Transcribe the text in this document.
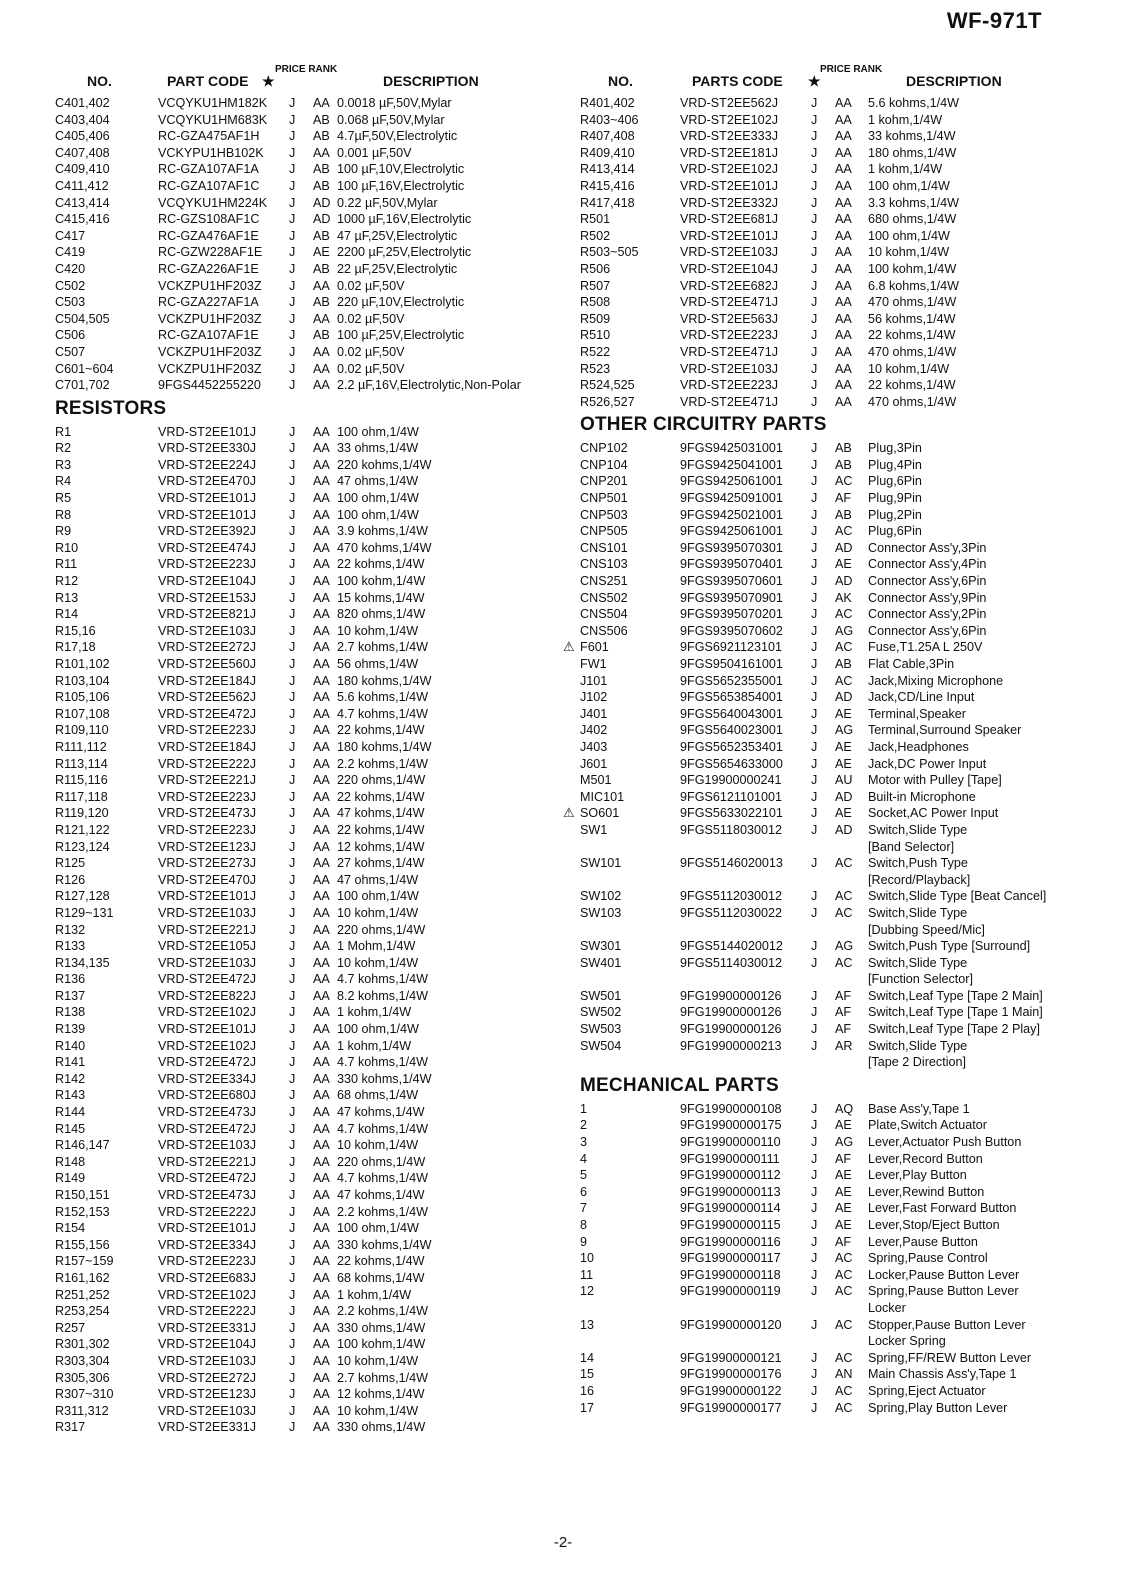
WF-971T
NO.	PART CODE ★
PRICE RANK
DESCRIPTION
C401,402	VCQYKU1HM182K J AA 0.0018 µF,50V,Mylar
C403,404	VCQYKU1HM683K J AB 0.068 µF,50V,Mylar
C405,406	RC-GZA475AF1H J AB 4.7µF,50V,Electrolytic
C407,408	VCKYPU1HB102K J AA 0.001 µF,50V
C409,410	RC-GZA107AF1A J AB 100 µF,10V,Electrolytic
C411,412	RC-GZA107AF1C J AB 100 µF,16V,Electrolytic
C413,414	VCQYKU1HM224K J AD 0.22 µF,50V,Mylar
C415,416	RC-GZS108AF1C J AD 1000 µF,16V,Electrolytic
C417	RC-GZA476AF1E J AB 47 µF,25V,Electrolytic
C419	RC-GZW228AF1E J AE 2200 µF,25V,Electrolytic
C420	RC-GZA226AF1E J AB 22 µF,25V,Electrolytic
C502	VCKZPU1HF203Z J AA 0.02 µF,50V
C503	RC-GZA227AF1A J AB 220 µF,10V,Electrolytic
C504,505	VCKZPU1HF203Z J AA 0.02 µF,50V
C506	RC-GZA107AF1E J AB 100 µF,25V,Electrolytic
C507	VCKZPU1HF203Z J AA 0.02 µF,50V
C601~604	VCKZPU1HF203Z J AA 0.02 µF,50V
C701,702	9FGS4452255220 J AA 2.2 µF,16V,Electrolytic,Non-Polar
RESISTORS
R1	VRD-ST2EE101J	J AA 100 ohm,1/4W
R2	VRD-ST2EE330J	J AA 33 ohms,1/4W
R3	VRD-ST2EE224J	J AA 220 kohms,1/4W
R4	VRD-ST2EE470J	J AA 47 ohms,1/4W
R5	VRD-ST2EE101J	J AA 100 ohm,1/4W
R8	VRD-ST2EE101J	J AA 100 ohm,1/4W
R9	VRD-ST2EE392J	J AA 3.9 kohms,1/4W
R10	VRD-ST2EE474J	J AA 470 kohms,1/4W
R11	VRD-ST2EE223J	J AA 22 kohms,1/4W
R12	VRD-ST2EE104J	J AA 100 kohm,1/4W
R13	VRD-ST2EE153J	J AA 15 kohms,1/4W
R14	VRD-ST2EE821J	J AA 820 ohms,1/4W
R15,16	VRD-ST2EE103J	J AA 10 kohm,1/4W
R17,18	VRD-ST2EE272J	J AA 2.7 kohms,1/4W
R101,102	VRD-ST2EE560J	J AA 56 ohms,1/4W
R103,104	VRD-ST2EE184J	J AA 180 kohms,1/4W
R105,106	VRD-ST2EE562J	J AA 5.6 kohms,1/4W
R107,108	VRD-ST2EE472J	J AA 4.7 kohms,1/4W
R109,110	VRD-ST2EE223J	J AA 22 kohms,1/4W
R111,112	VRD-ST2EE184J	J AA 180 kohms,1/4W
R113,114	VRD-ST2EE222J	J AA 2.2 kohms,1/4W
R115,116	VRD-ST2EE221J	J AA 220 ohms,1/4W
R117,118	VRD-ST2EE223J	J AA 22 kohms,1/4W
R119,120	VRD-ST2EE473J	J AA 47 kohms,1/4W
R121,122	VRD-ST2EE223J	J AA 22 kohms,1/4W
R123,124	VRD-ST2EE123J	J AA 12 kohms,1/4W
R125	VRD-ST2EE273J	J AA 27 kohms,1/4W
R126	VRD-ST2EE470J	J AA 47 ohms,1/4W
R127,128	VRD-ST2EE101J	J AA 100 ohm,1/4W
R129~131	VRD-ST2EE103J	J AA 10 kohm,1/4W
R132	VRD-ST2EE221J	J AA 220 ohms,1/4W
R133	VRD-ST2EE105J	J AA 1 Mohm,1/4W
R134,135	VRD-ST2EE103J	J AA 10 kohm,1/4W
R136	VRD-ST2EE472J	J AA 4.7 kohms,1/4W
R137	VRD-ST2EE822J	J AA 8.2 kohms,1/4W
R138	VRD-ST2EE102J	J AA 1 kohm,1/4W
R139	VRD-ST2EE101J	J AA 100 ohm,1/4W
R140	VRD-ST2EE102J	J AA 1 kohm,1/4W
R141	VRD-ST2EE472J	J AA 4.7 kohms,1/4W
R142	VRD-ST2EE334J	J AA 330 kohms,1/4W
R143	VRD-ST2EE680J	J AA 68 ohms,1/4W
R144	VRD-ST2EE473J	J AA 47 kohms,1/4W
R145	VRD-ST2EE472J	J AA 4.7 kohms,1/4W
R146,147	VRD-ST2EE103J	J AA 10 kohm,1/4W
R148	VRD-ST2EE221J	J AA 220 ohms,1/4W
R149	VRD-ST2EE472J	J AA 4.7 kohms,1/4W
R150,151	VRD-ST2EE473J	J AA 47 kohms,1/4W
R152,153	VRD-ST2EE222J	J AA 2.2 kohms,1/4W
R154	VRD-ST2EE101J	J AA 100 ohm,1/4W
R155,156	VRD-ST2EE334J	J AA 330 kohms,1/4W
R157~159	VRD-ST2EE223J	J AA 22 kohms,1/4W
R161,162	VRD-ST2EE683J	J AA 68 kohms,1/4W
R251,252	VRD-ST2EE102J	J AA 1 kohm,1/4W
R253,254	VRD-ST2EE222J	J AA 2.2 kohms,1/4W
R257	VRD-ST2EE331J	J AA 330 ohms,1/4W
R301,302	VRD-ST2EE104J	J AA 100 kohm,1/4W
R303,304	VRD-ST2EE103J	J AA 10 kohm,1/4W
R305,306	VRD-ST2EE272J	J AA 2.7 kohms,1/4W
R307~310	VRD-ST2EE123J	J AA 12 kohms,1/4W
R311,312	VRD-ST2EE103J	J AA 10 kohm,1/4W
R317	VRD-ST2EE331J	J AA 330 ohms,1/4W
NO.	PARTS CODE ★
PRICE RANK
DESCRIPTION
R401,402	VRD-ST2EE562J	J AA 5.6 kohms,1/4W
R403~406	VRD-ST2EE102J	J AA 1 kohm,1/4W
R407,408	VRD-ST2EE333J	J AA 33 kohms,1/4W
R409,410	VRD-ST2EE181J	J AA 180 ohms,1/4W
R413,414	VRD-ST2EE102J	J AA 1 kohm,1/4W
R415,416	VRD-ST2EE101J	J AA 100 ohm,1/4W
R417,418	VRD-ST2EE332J	J AA 3.3 kohms,1/4W
R501	VRD-ST2EE681J	J AA 680 ohms,1/4W
R502	VRD-ST2EE101J	J AA 100 ohm,1/4W
R503~505	VRD-ST2EE103J	J AA 10 kohm,1/4W
R506	VRD-ST2EE104J	J AA 100 kohm,1/4W
R507	VRD-ST2EE682J	J AA 6.8 kohms,1/4W
R508	VRD-ST2EE471J	J AA 470 ohms,1/4W
R509	VRD-ST2EE563J	J AA 56 kohms,1/4W
R510	VRD-ST2EE223J	J AA 22 kohms,1/4W
R522	VRD-ST2EE471J	J AA 470 ohms,1/4W
R523	VRD-ST2EE103J	J AA 10 kohm,1/4W
R524,525	VRD-ST2EE223J	J AA 22 kohms,1/4W
R526,527	VRD-ST2EE471J	J AA 470 ohms,1/4W
OTHER CIRCUITRY PARTS
CNP102	9FGS9425031001 J AB Plug,3Pin
CNP104	9FGS9425041001 J AB Plug,4Pin
CNP201	9FGS9425061001 J AC Plug,6Pin
CNP501	9FGS9425091001 J AF Plug,9Pin
CNP503	9FGS9425021001 J AB Plug,2Pin
CNP505	9FGS9425061001 J AC Plug,6Pin
CNS101	9FGS9395070301 J AD Connector Ass'y,3Pin
CNS103	9FGS9395070401 J AE Connector Ass'y,4Pin
CNS251	9FGS9395070601 J AD Connector Ass'y,6Pin
CNS502	9FGS9395070901 J AK Connector Ass'y,9Pin
CNS504	9FGS9395070201 J AC Connector Ass'y,2Pin
CNS506	9FGS9395070602 J AG Connector Ass'y,6Pin
⚠ F601	9FGS6921123101 J AC Fuse,T1.25A L 250V
FW1	9FGS9504161001 J AB Flat Cable,3Pin
J101	9FGS5652355001 J AC Jack,Mixing Microphone
J102	9FGS5653854001 J AD Jack,CD/Line Input
J401	9FGS5640043001 J AE Terminal,Speaker
J402	9FGS5640023001 J AG Terminal,Surround Speaker
J403	9FGS5652353401 J AE Jack,Headphones
J601	9FGS5654633000 J AE Jack,DC Power Input
M501	9FG19900000241 J AU Motor with Pulley [Tape]
MIC101	9FGS6121101001 J AD Built-in Microphone
⚠ SO601	9FGS5633022101 J AE Socket,AC Power Input
SW1	9FGS5118030012 J AD Switch,Slide Type
[Band Selector]
SW101	9FGS5146020013 J AC Switch,Push Type
[Record/Playback]
SW102	9FGS5112030012 J AC Switch,Slide Type [Beat Cancel]
SW103	9FGS5112030022 J AC Switch,Slide Type
[Dubbing Speed/Mic]
SW301	9FGS5144020012 J AG Switch,Push Type [Surround]
SW401	9FGS5114030012 J AC Switch,Slide Type
[Function Selector]
SW501	9FG19900000126 J AF Switch,Leaf Type [Tape 2 Main]
SW502	9FG19900000126 J AF Switch,Leaf Type [Tape 1 Main]
SW503	9FG19900000126 J AF Switch,Leaf Type [Tape 2 Play]
SW504	9FG19900000213 J AR Switch,Slide Type
[Tape 2 Direction]
MECHANICAL PARTS
1	9FG19900000108 J AQ Base Ass'y,Tape 1
2	9FG19900000175 J AE Plate,Switch Actuator
3	9FG19900000110 J AG Lever,Actuator Push Button
4	9FG19900000111 J AF Lever,Record Button
5	9FG19900000112 J AE Lever,Play Button
6	9FG19900000113 J AE Lever,Rewind Button
7	9FG19900000114 J AE Lever,Fast Forward Button
8	9FG19900000115 J AE Lever,Stop/Eject Button
9	9FG19900000116 J AF Lever,Pause Button
10	9FG19900000117 J AC Spring,Pause Control
11	9FG19900000118 J AC Locker,Pause Button Lever
12	9FG19900000119 J AC Spring,Pause Button Lever
Locker
13	9FG19900000120 J AC Stopper,Pause Button Lever
Locker Spring
14	9FG19900000121 J AC Spring,FF/REW Button Lever
15	9FG19900000176 J AN Main Chassis Ass'y,Tape 1
16	9FG19900000122 J AC Spring,Eject Actuator
17	9FG19900000177 J AC Spring,Play Button Lever
-2-
